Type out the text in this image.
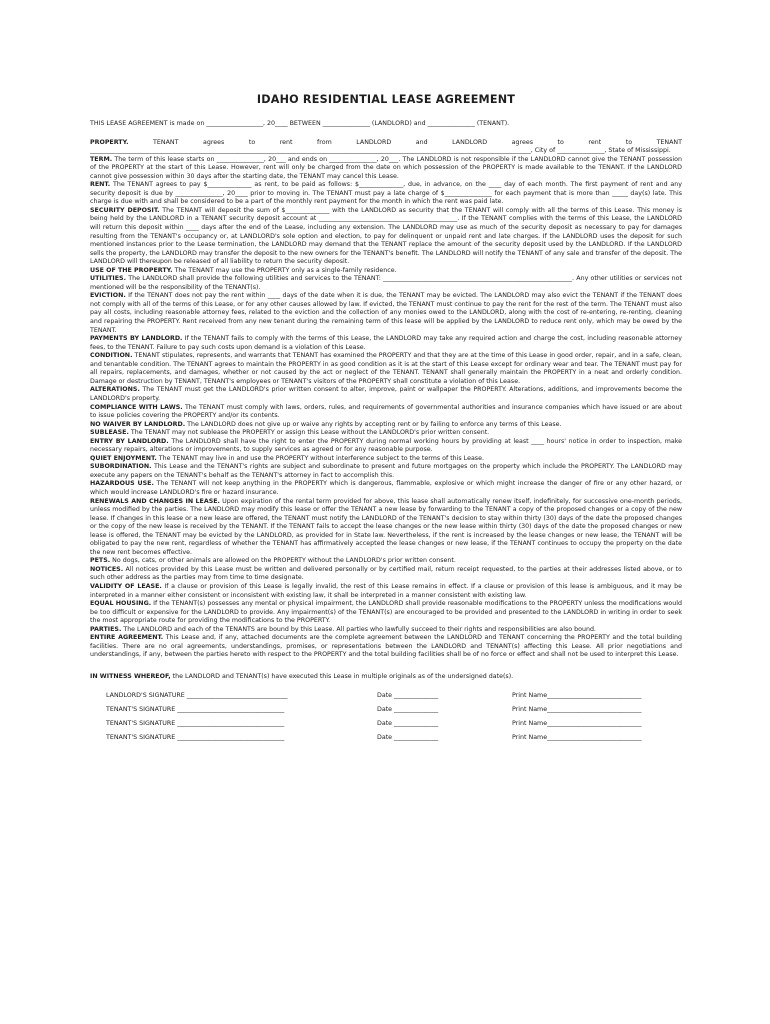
IDAHO RESIDENTIAL LEASE AGREEMENT

THIS LEASE AGREEMENT is made on __________________, 20____ BETWEEN _______________ (LANDLORD) and _______________ (TENANT).

PROPERTY. TENANT agrees to rent from LANDLORD and LANDLORD agrees to rent to TENANT ____________________________________________________________________________________________________________________________________________, City of _______________, State of Mississippi.

TERM. The term of this lease starts on _______________, 20___ and ends on _______________, 20___. The LANDLORD is not responsible if the LANDLORD cannot give the TENANT possession of the PROPERTY at the start of this Lease. However, rent will only be charged from the date on which possession of the PROPERTY is made available to the TENANT. If the LANDLORD cannot give possession within 30 days after the starting date, the TENANT may cancel this Lease.

RENT. The TENANT agrees to pay $______________ as rent, to be paid as follows: $______________, due, in advance, on the ____ day of each month. The first payment of rent and any security deposit is due by _______________, 20____ prior to moving in. The TENANT must pay a late charge of $_______________ for each payment that is more than _____ day(s) late. This charge is due with and shall be considered to be a part of the monthly rent payment for the month in which the rent was paid late.

SECURITY DEPOSIT. The TENANT will deposit the sum of $______________ with the LANDLORD as security that the TENANT will comply with all the terms of this Lease. This money is being held by the LANDLORD in a TENANT security deposit account at ____________________________________________. If the TENANT complies with the terms of this Lease, the LANDLORD will return this deposit within ____ days after the end of the Lease, including any extension. The LANDLORD may use as much of the security deposit as necessary to pay for damages resulting from the TENANT's occupancy or, at LANDLORD's sole option and election, to pay for delinquent or unpaid rent and late charges. If the LANDLORD uses the deposit for such mentioned instances prior to the Lease termination, the LANDLORD may demand that the TENANT replace the amount of the security deposit used by the LANDLORD. If the LANDLORD sells the property, the LANDLORD may transfer the deposit to the new owners for the TENANT's benefit. The LANDLORD will notify the TENANT of any sale and transfer of the deposit. The LANDLORD will thereupon be released of all liability to return the security deposit.

USE OF THE PROPERTY. The TENANT may use the PROPERTY only as a single-family residence.

UTILITIES. The LANDLORD shall provide the following utilities and services to the TENANT: ____________________________________________________________. Any other utilities or services not mentioned will be the responsibility of the TENANT(s).

EVICTION. If the TENANT does not pay the rent within ____ days of the date when it is due, the TENANT may be evicted. The LANDLORD may also evict the TENANT if the TENANT does not comply with all of the terms of this Lease, or for any other causes allowed by law. If evicted, the TENANT must continue to pay the rent for the rest of the term. The TENANT must also pay all costs, including reasonable attorney fees, related to the eviction and the collection of any monies owed to the LANDLORD, along with the cost of re-entering, re-renting, cleaning and repairing the PROPERTY. Rent received from any new tenant during the remaining term of this lease will be applied by the LANDLORD to reduce rent only, which may be owed by the TENANT.

PAYMENTS BY LANDLORD. If the TENANT fails to comply with the terms of this Lease, the LANDLORD may take any required action and charge the cost, including reasonable attorney fees, to the TENANT. Failure to pay such costs upon demand is a violation of this Lease.

CONDITION. TENANT stipulates, represents, and warrants that TENANT has examined the PROPERTY and that they are at the time of this Lease in good order, repair, and in a safe, clean, and tenantable condition. The TENANT agrees to maintain the PROPERTY in as good condition as it is at the start of this Lease except for ordinary wear and tear. The TENANT must pay for all repairs, replacements, and damages, whether or not caused by the act or neglect of the TENANT. TENANT shall generally maintain the PROPERTY in a neat and orderly condition. Damage or destruction by TENANT, TENANT's employees or TENANT's visitors of the PROPERTY shall constitute a violation of this Lease.

ALTERATIONS. The TENANT must get the LANDLORD's prior written consent to alter, improve, paint or wallpaper the PROPERTY. Alterations, additions, and improvements become the LANDLORD's property.

COMPLIANCE WITH LAWS. The TENANT must comply with laws, orders, rules, and requirements of governmental authorities and insurance companies which have issued or are about to issue policies covering the PROPERTY and/or its contents.

NO WAIVER BY LANDLORD. The LANDLORD does not give up or waive any rights by accepting rent or by failing to enforce any terms of this Lease.

SUBLEASE. The TENANT may not sublease the PROPERTY or assign this Lease without the LANDLORD's prior written consent.

ENTRY BY LANDLORD. The LANDLORD shall have the right to enter the PROPERTY during normal working hours by providing at least ____ hours' notice in order to inspection, make necessary repairs, alterations or improvements, to supply services as agreed or for any reasonable purpose.

QUIET ENJOYMENT. The TENANT may live in and use the PROPERTY without interference subject to the terms of this Lease.

SUBORDINATION. This Lease and the TENANT's rights are subject and subordinate to present and future mortgages on the property which include the PROPERTY. The LANDLORD may execute any papers on the TENANT's behalf as the TENANT's attorney in fact to accomplish this.

HAZARDOUS USE. The TENANT will not keep anything in the PROPERTY which is dangerous, flammable, explosive or which might increase the danger of fire or any other hazard, or which would increase LANDLORD's fire or hazard insurance.

RENEWALS AND CHANGES IN LEASE. Upon expiration of the rental term provided for above, this lease shall automatically renew itself, indefinitely, for successive one-month periods, unless modified by the parties. The LANDLORD may modify this lease or offer the TENANT a new lease by forwarding to the TENANT a copy of the proposed changes or a copy of the new lease. If changes in this lease or a new lease are offered, the TENANT must notify the LANDLORD of the TENANT's decision to stay within thirty (30) days of the date the proposed changes or the copy of the new lease is received by the TENANT. If the TENANT fails to accept the lease changes or the new lease within thirty (30) days of the date the proposed changes or new lease is offered, the TENANT may be evicted by the LANDLORD, as provided for in State law. Nevertheless, if the rent is increased by the lease changes or new lease, the TENANT will be obligated to pay the new rent, regardless of whether the TENANT has affirmatively accepted the lease changes or new lease, if the TENANT continues to occupy the property on the date the new rent becomes effective.

PETS. No dogs, cats, or other animals are allowed on the PROPERTY without the LANDLORD's prior written consent.

NOTICES. All notices provided by this Lease must be written and delivered personally or by certified mail, return receipt requested, to the parties at their addresses listed above, or to such other address as the parties may from time to time designate.

VALIDITY OF LEASE. If a clause or provision of this Lease is legally invalid, the rest of this Lease remains in effect. If a clause or provision of this lease is ambiguous, and it may be interpreted in a manner either consistent or inconsistent with existing law, it shall be interpreted in a manner consistent with existing law.

EQUAL HOUSING. If the TENANT(s) possesses any mental or physical impairment, the LANDLORD shall provide reasonable modifications to the PROPERTY unless the modifications would be too difficult or expensive for the LANDLORD to provide. Any impairment(s) of the TENANT(s) are encouraged to be provided and presented to the LANDLORD in writing in order to seek the most appropriate route for providing the modifications to the PROPERTY.

PARTIES. The LANDLORD and each of the TENANTS are bound by this Lease. All parties who lawfully succeed to their rights and responsibilities are also bound.

ENTIRE AGREEMENT. This Lease and, if any, attached documents are the complete agreement between the LANDLORD and TENANT concerning the PROPERTY and the total building facilities. There are no oral agreements, understandings, promises, or representations between the LANDLORD and TENANT(s) affecting this Lease. All prior negotiations and understandings, if any, between the parties hereto with respect to the PROPERTY and the total building facilities shall be of no force or effect and shall not be used to interpret this Lease.

IN WITNESS WHEREOF, the LANDLORD and TENANT(s) have executed this Lease in multiple originals as of the undersigned date(s).

LANDLORD'S SIGNATURE ________________________________	Date ______________	Print Name______________________________
TENANT'S SIGNATURE __________________________________	Date ______________	Print Name______________________________
TENANT'S SIGNATURE __________________________________	Date ______________	Print Name______________________________
TENANT'S SIGNATURE __________________________________	Date ______________	Print Name______________________________
